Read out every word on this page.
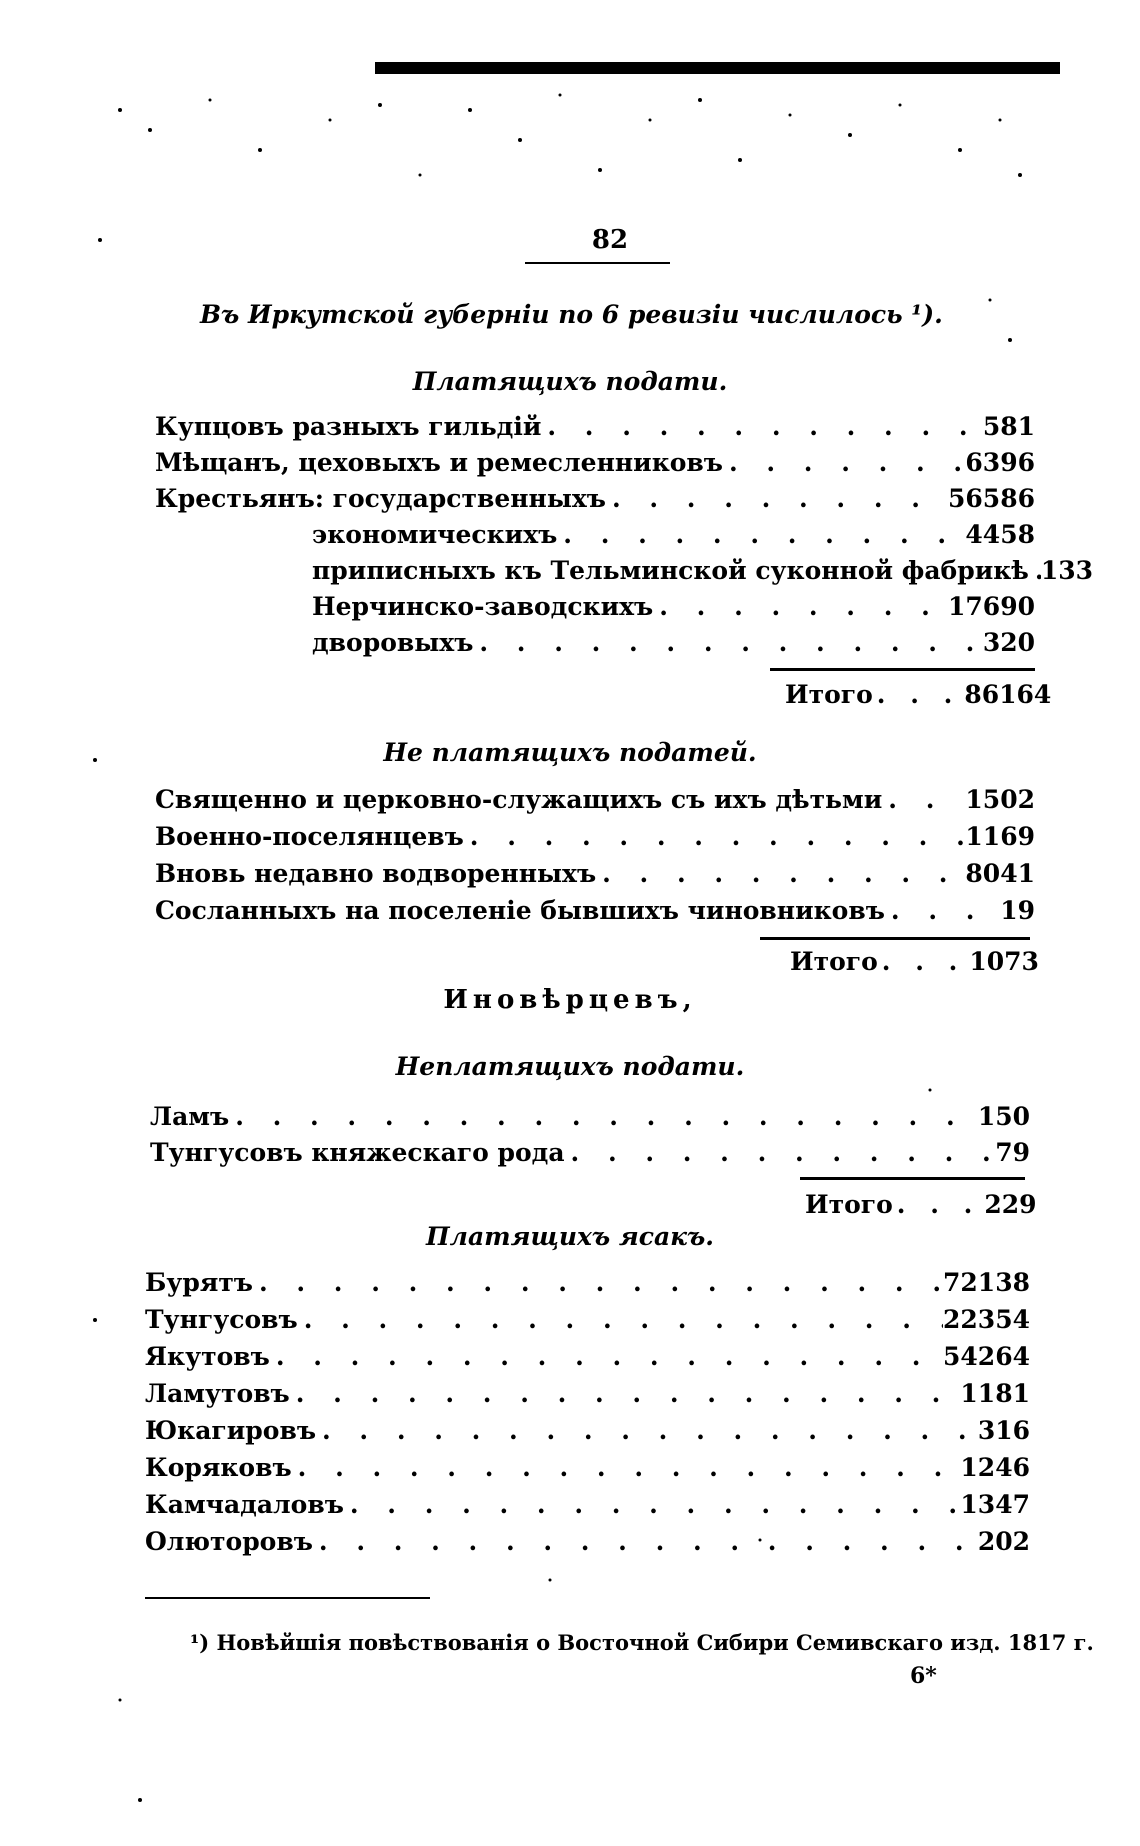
82
Въ Иркутской губерніи по 6 ревизіи числилось ¹).
Платящихъ подати.
Купцовъ разныхъ гильдій . . .	581
Мѣщанъ, цеховыхъ и ремесленниковъ . . .	6396
Крестьянъ: государственныхъ . . .	56586
экономическихъ . . .	4458
приписныхъ къ Тельминской суконной фабрикѣ . . . 133
Нерчинско-заводскихъ . . .	17690
дворовыхъ . . .	320
Итого . . . 86164
Не платящихъ податей.
Священно и церковно-служащихъ съ ихъ дѣтьми . . .	1502
Военно-поселянцевъ . . .	1169
Вновь недавно водворенныхъ . . .	8041
Сосланныхъ на поселеніе бывшихъ чиновниковъ . . .	19
Итого . . . 1073
Иновѣрцевъ,
Неплатящихъ подати.
Ламъ . . .	150
Тунгусовъ княжескаго рода . . .	79
Итого . . . 229
Платящихъ ясакъ.
Бурятъ . . .	72138
Тунгусовъ . . .	22354
Якутовъ . . .	54264
Ламутовъ . . .	1181
Юкагировъ . . .	316
Коряковъ . . .	1246
Камчадаловъ . . .	1347
Олюторовъ . . .	202
¹) Новѣйшія повѣствованія о Восточной Сибири Семивскаго изд. 1817 г.
6*
